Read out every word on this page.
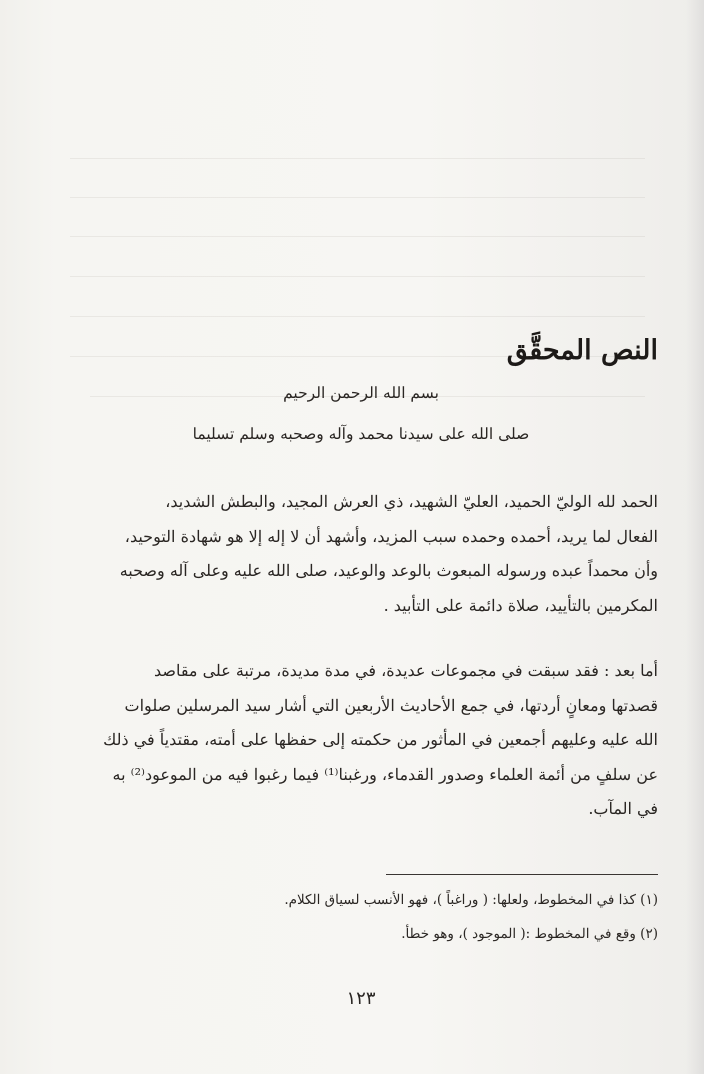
النص المحقَّق
بسم الله الرحمن الرحيم
صلى الله على سيدنا محمد وآله وصحبه وسلم تسليما

الحمد لله الوليّ الحميد، العليّ الشهيد، ذي العرش المجيد، والبطش الشديد،

الفعال لما يريد، أحمده وحمده سبب المزيد، وأشهد أن لا إله إلا هو شهادة التوحيد،

وأن محمداً عبده ورسوله المبعوث بالوعد والوعيد، صلى الله عليه وعلى آله وصحبه

المكرمين بالتأييد، صلاة دائمة على التأبيد .

أما بعد : فقد سبقت في مجموعات عديدة، في مدة مديدة، مرتبة على مقاصد

قصدتها ومعانٍ أردتها، في جمع الأحاديث الأربعين التي أشار سيد المرسلين صلوات

الله عليه وعليهم أجمعين في المأثور من حكمته إلى حفظها على أمته، مقتدياً في ذلك

عن سلفٍ من أئمة العلماء وصدور القدماء، ورغبنا⁽¹⁾ فيما رغبوا فيه من الموعود⁽²⁾ به

في المآب.

(١) كذا في المخطوط، ولعلها: ( وراغباً )، فهو الأنسب لسياق الكلام.
(٢) وقع في المخطوط :( الموجود )، وهو خطأ.
١٢٣
